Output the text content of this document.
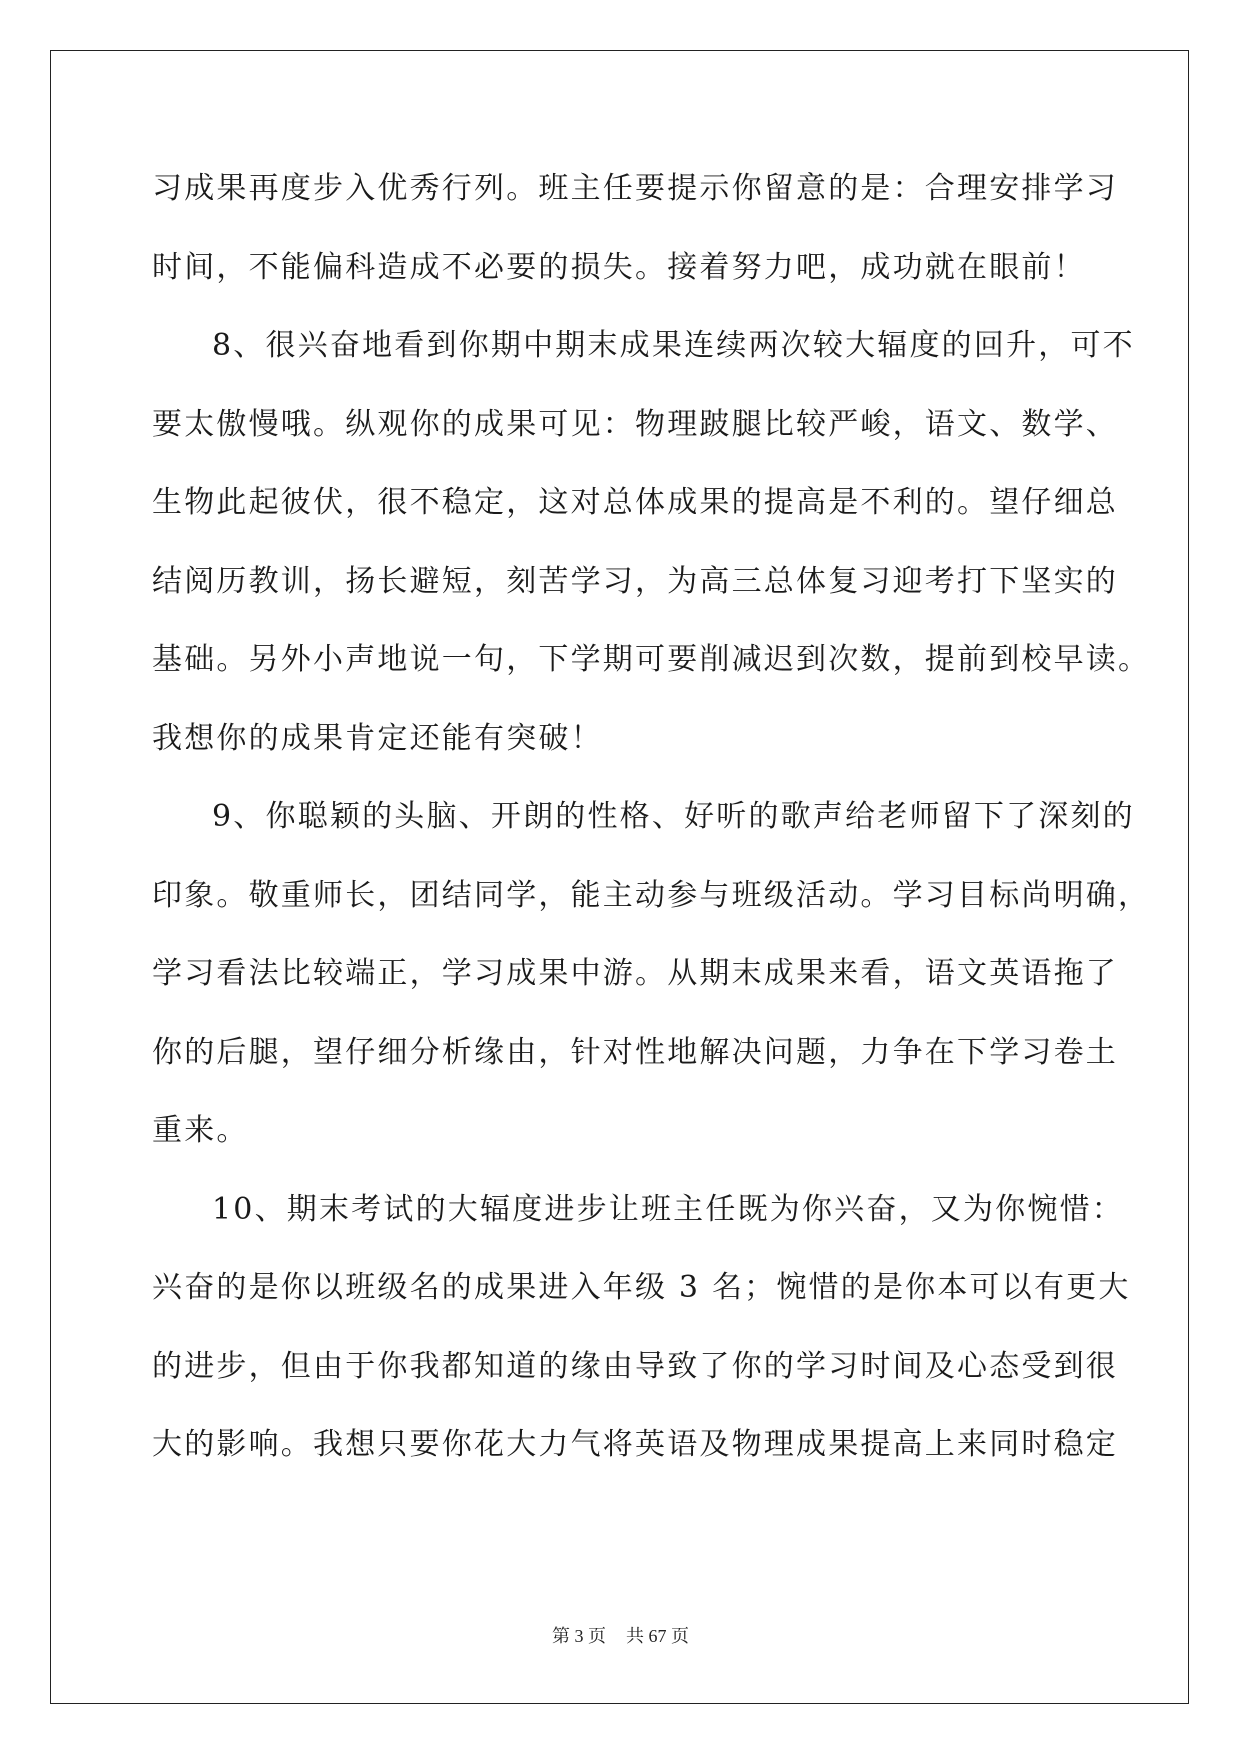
习成果再度步入优秀行列。班主任要提示你留意的是：合理安排学习
时间，不能偏科造成不必要的损失。接着努力吧，成功就在眼前！
8、很兴奋地看到你期中期末成果连续两次较大辐度的回升，可不
要太傲慢哦。纵观你的成果可见：物理跛腿比较严峻，语文、数学、
生物此起彼伏，很不稳定，这对总体成果的提高是不利的。望仔细总
结阅历教训，扬长避短，刻苦学习，为高三总体复习迎考打下坚实的
基础。另外小声地说一句，下学期可要削减迟到次数，提前到校早读。
我想你的成果肯定还能有突破！
9、你聪颖的头脑、开朗的性格、好听的歌声给老师留下了深刻的
印象。敬重师长，团结同学，能主动参与班级活动。学习目标尚明确，
学习看法比较端正，学习成果中游。从期末成果来看，语文英语拖了
你的后腿，望仔细分析缘由，针对性地解决问题，力争在下学习卷土
重来。
10、期末考试的大辐度进步让班主任既为你兴奋，又为你惋惜：
兴奋的是你以班级名的成果进入年级 3 名；惋惜的是你本可以有更大
的进步，但由于你我都知道的缘由导致了你的学习时间及心态受到很
大的影响。我想只要你花大力气将英语及物理成果提高上来同时稳定
第 3 页 共 67 页
